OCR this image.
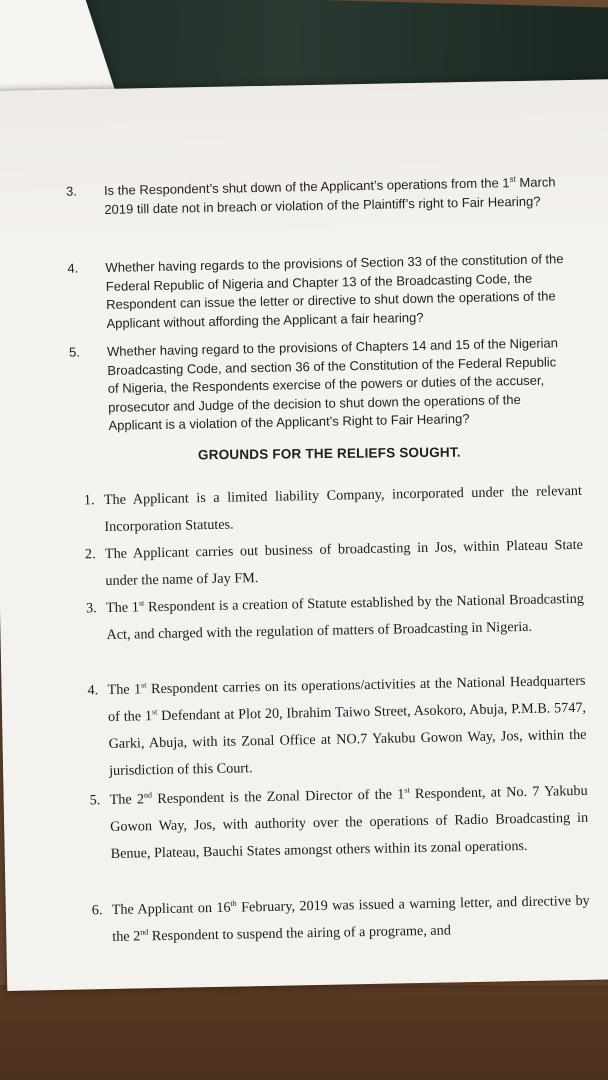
3. Is the Respondent’s shut down of the Applicant’s operations from the 1st March 2019 till date not in breach or violation of the Plaintiff’s right to Fair Hearing?
4. Whether having regards to the provisions of Section 33 of the constitution of the Federal Republic of Nigeria and Chapter 13 of the Broadcasting Code, the Respondent can issue the letter or directive to shut down the operations of the Applicant without affording the Applicant a fair hearing?
5. Whether having regard to the provisions of Chapters 14 and 15 of the Nigerian Broadcasting Code, and section 36 of the Constitution of the Federal Republic of Nigeria, the Respondents exercise of the powers or duties of the accuser, prosecutor and Judge of the decision to shut down the operations of the Applicant is a violation of the Applicant’s Right to Fair Hearing?
1. The Applicant is a limited liability Company, incorporated under the relevant Incorporation Statutes.
2. The Applicant carries out business of broadcasting in Jos, within Plateau State under the name of Jay FM.
3. The 1st Respondent is a creation of Statute established by the National Broadcasting Act, and charged with the regulation of matters of Broadcasting in Nigeria.
4. The 1st Respondent carries on its operations/activities at the National Headquarters of the 1st Defendant at Plot 20, Ibrahim Taiwo Street, Asokoro, Abuja, P.M.B. 5747, Garki, Abuja, with its Zonal Office at NO.7 Yakubu Gowon Way, Jos, within the jurisdiction of this Court.
5. The 2nd Respondent is the Zonal Director of the 1st Respondent, at No. 7 Yakubu Gowon Way, Jos, with authority over the operations of Radio Broadcasting in Benue, Plateau, Bauchi States amongst others within its zonal operations.
6. The Applicant on 16th February, 2019 was issued a warning letter, and directive by the 2nd Respondent to suspend the airing of a programe, and
GROUNDS FOR THE RELIEFS SOUGHT.
